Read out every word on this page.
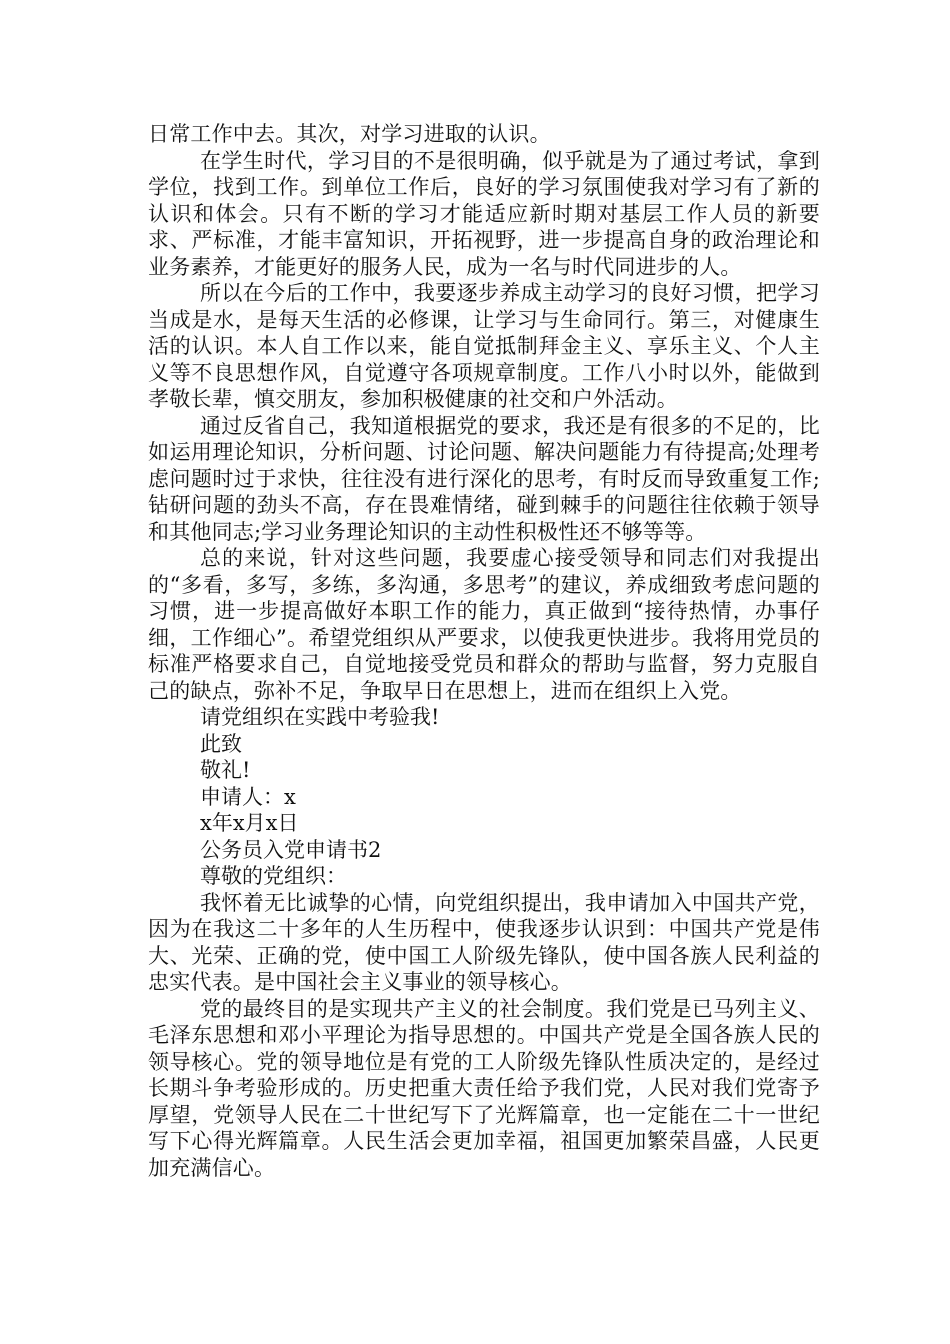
日常工作中去。其次，对学习进取的认识。

在学生时代，学习目的不是很明确，似乎就是为了通过考试，拿到学位，找到工作。到单位工作后，良好的学习氛围使我对学习有了新的认识和体会。只有不断的学习才能适应新时期对基层工作人员的新要求、严标准，才能丰富知识，开拓视野，进一步提高自身的政治理论和业务素养，才能更好的服务人民，成为一名与时代同进步的人。

所以在今后的工作中，我要逐步养成主动学习的良好习惯，把学习当成是水，是每天生活的必修课，让学习与生命同行。第三，对健康生活的认识。本人自工作以来，能自觉抵制拜金主义、享乐主义、个人主义等不良思想作风，自觉遵守各项规章制度。工作八小时以外，能做到孝敬长辈，慎交朋友，参加积极健康的社交和户外活动。

通过反省自己，我知道根据党的要求，我还是有很多的不足的，比如运用理论知识，分析问题、讨论问题、解决问题能力有待提高;处理考虑问题时过于求快，往往没有进行深化的思考，有时反而导致重复工作;钻研问题的劲头不高，存在畏难情绪，碰到棘手的问题往往依赖于领导和其他同志;学习业务理论知识的主动性积极性还不够等等。

总的来说，针对这些问题，我要虚心接受领导和同志们对我提出的“多看，多写，多练，多沟通，多思考”的建议，养成细致考虑问题的习惯，进一步提高做好本职工作的能力，真正做到“接待热情，办事仔细，工作细心”。希望党组织从严要求，以使我更快进步。我将用党员的标准严格要求自己，自觉地接受党员和群众的帮助与监督，努力克服自己的缺点，弥补不足，争取早日在思想上，进而在组织上入党。

请党组织在实践中考验我!

此致

敬礼!

申请人：x

x年x月x日

公务员入党申请书2

尊敬的党组织：

我怀着无比诚挚的心情，向党组织提出，我申请加入中国共产党，因为在我这二十多年的人生历程中，使我逐步认识到：中国共产党是伟大、光荣、正确的党，使中国工人阶级先锋队，使中国各族人民利益的忠实代表。是中国社会主义事业的领导核心。

党的最终目的是实现共产主义的社会制度。我们党是已马列主义、毛泽东思想和邓小平理论为指导思想的。中国共产党是全国各族人民的领导核心。党的领导地位是有党的工人阶级先锋队性质决定的，是经过长期斗争考验形成的。历史把重大责任给予我们党，人民对我们党寄予厚望，党领导人民在二十世纪写下了光辉篇章，也一定能在二十一世纪写下心得光辉篇章。人民生活会更加幸福，祖国更加繁荣昌盛，人民更加充满信心。
